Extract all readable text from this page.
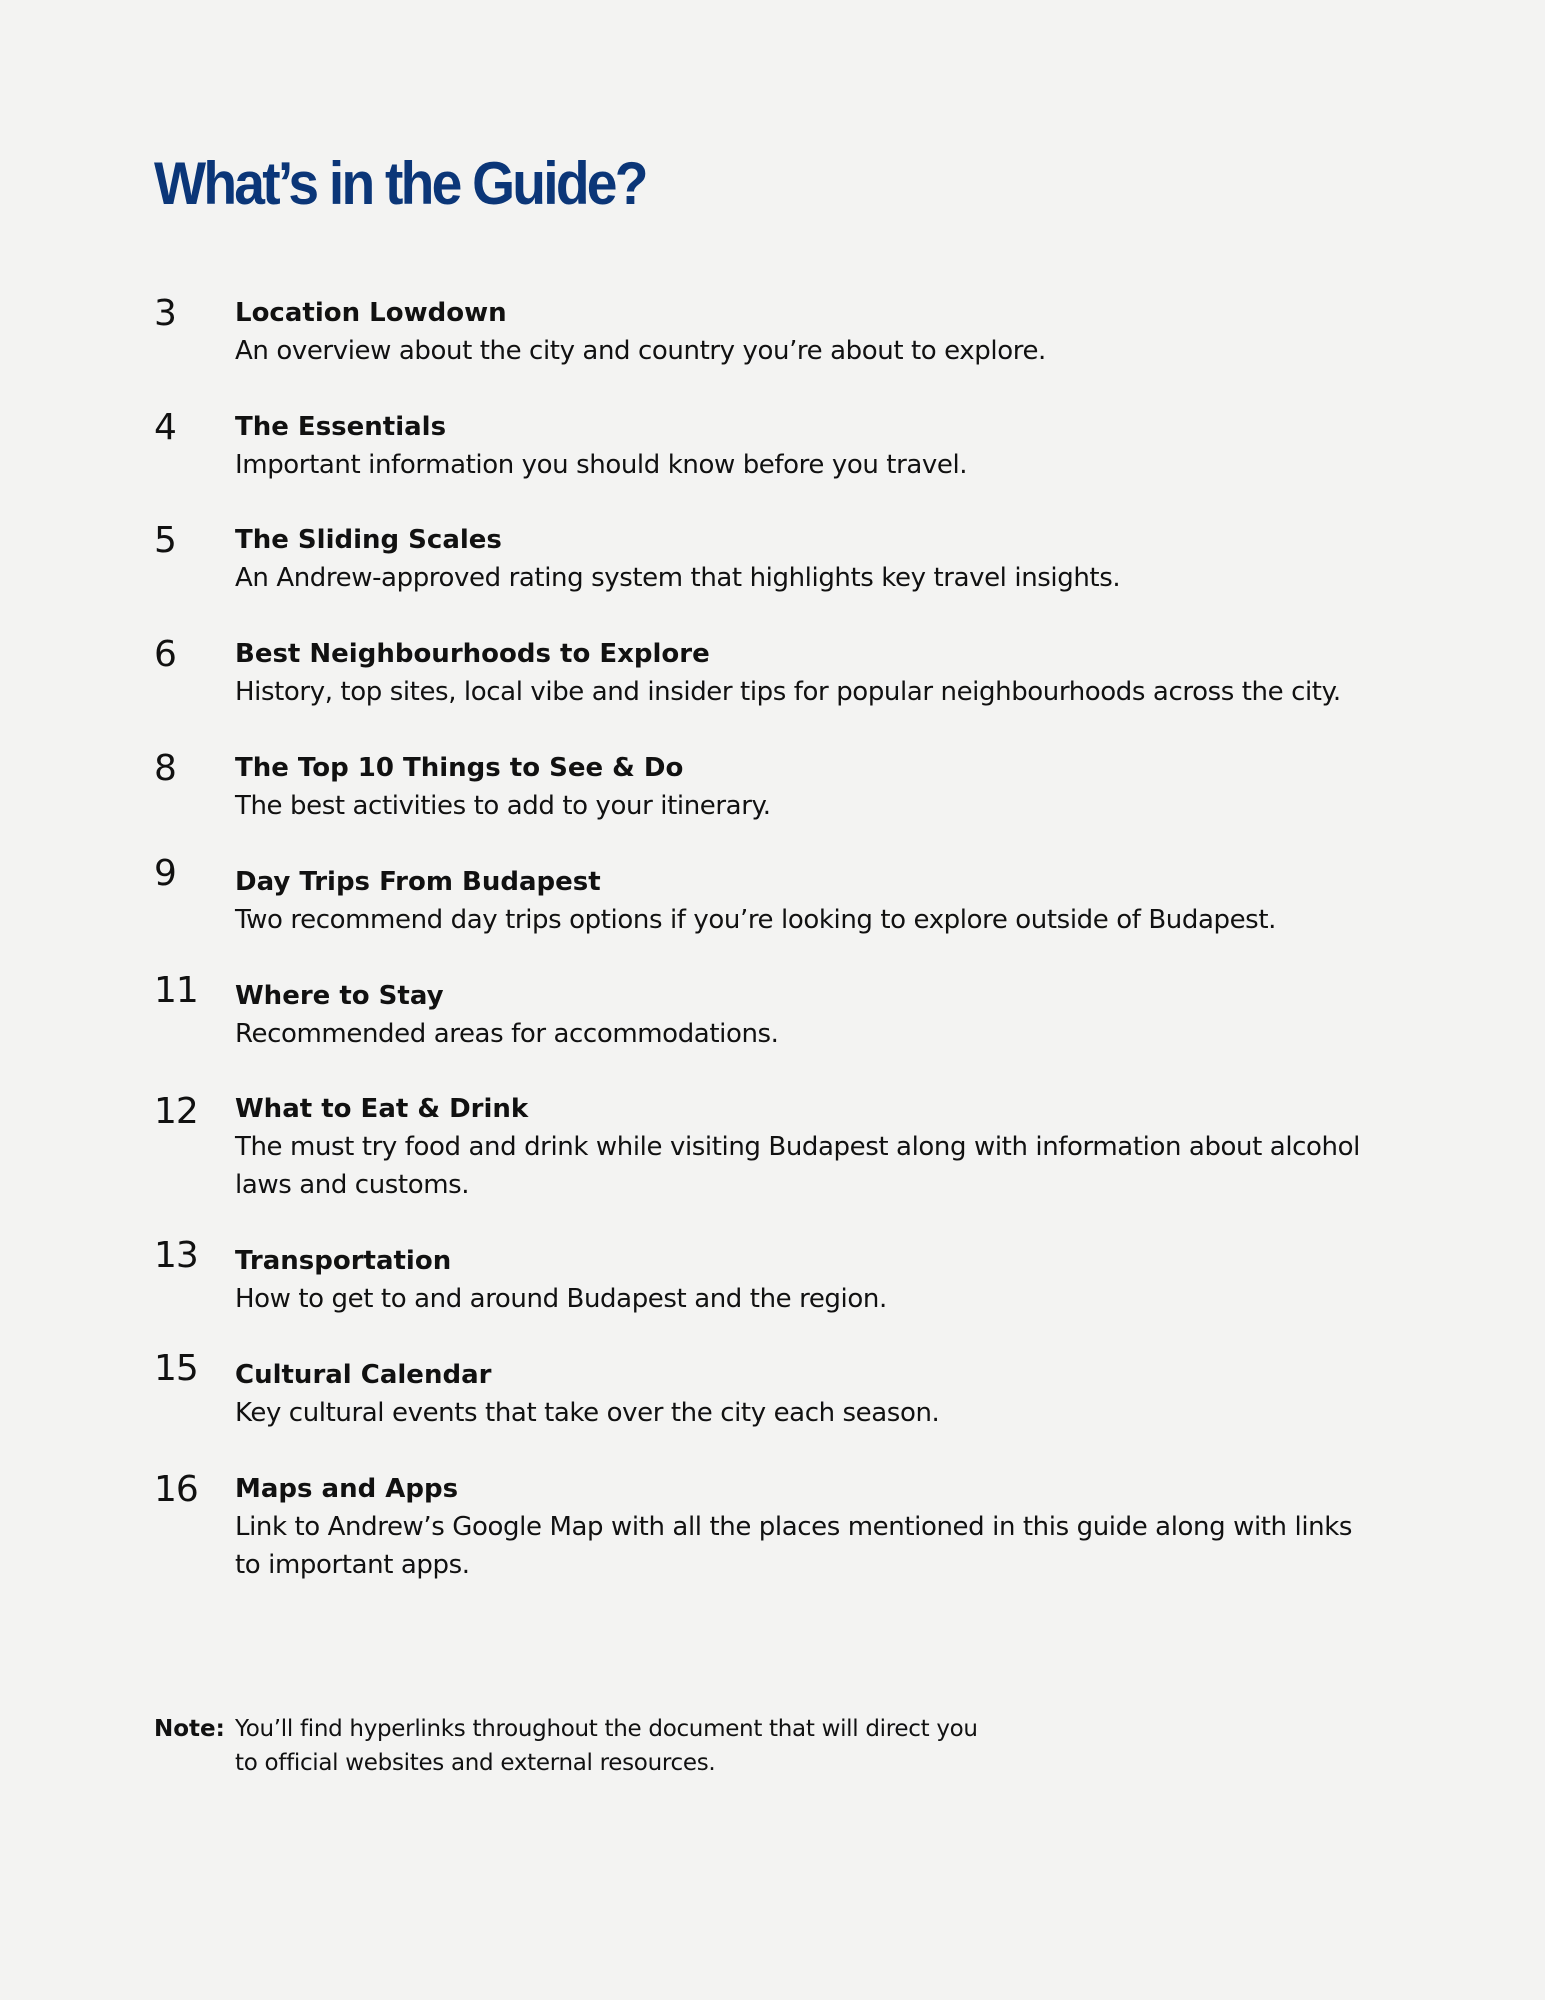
What’s in the Guide?
3 Location Lowdown
An overview about the city and country you’re about to explore.
4 The Essentials
Important information you should know before you travel.
5 The Sliding Scales
An Andrew-approved rating system that highlights key travel insights.
6 Best Neighbourhoods to Explore
History, top sites, local vibe and insider tips for popular neighbourhoods across the city.
8 The Top 10 Things to See & Do
The best activities to add to your itinerary.
9 Day Trips From Budapest
Two recommend day trips options if you’re looking to explore outside of Budapest.
11 Where to Stay
Recommended areas for accommodations.
12 What to Eat & Drink
The must try food and drink while visiting Budapest along with information about alcohol laws and customs.
13 Transportation
How to get to and around Budapest and the region.
15 Cultural Calendar
Key cultural events that take over the city each season.
16 Maps and Apps
Link to Andrew’s Google Map with all the places mentioned in this guide along with links to important apps.
Note: You’ll find hyperlinks throughout the document that will direct you to official websites and external resources.
